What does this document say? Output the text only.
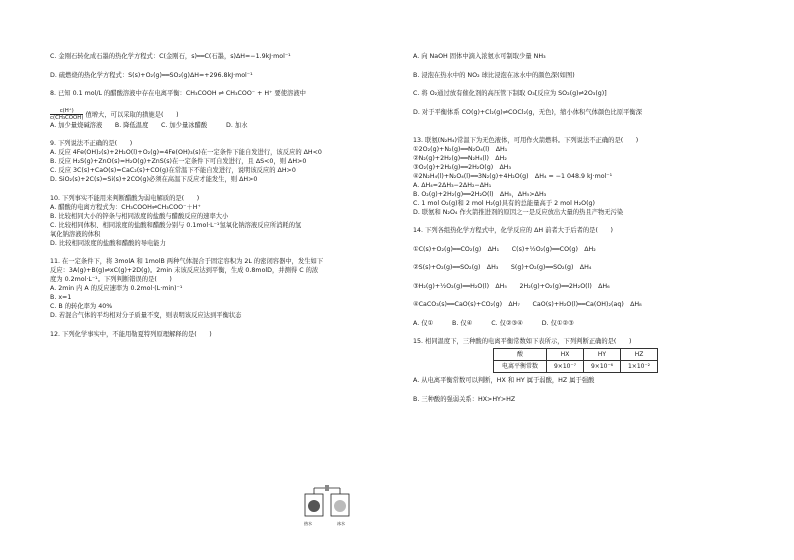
C. 金刚石转化成石墨的热化学方程式：C(金刚石，s)══C(石墨，s)ΔH=−1.9kJ·mol⁻¹
D. 硫燃烧的热化学方程式：S(s)+O₂(g)══SO₂(g)ΔH=+296.8kJ·mol⁻¹
8. 已知 0.1 mol/L 的醋酸溶液中存在电离平衡：CH₃COOH ⇌ CH₃COO⁻ + H⁺ 要使溶液中
$\frac{c(H^+)}{\text{c(CH₃COOH)}}$ 值增大，可以采取的措施是(　　)
A. 加少量烧碱溶液　　B. 降低温度　　C. 加少量冰醋酸　　　D. 加水
9. 下列说法不正确的是(　　)
A. 反应 4Fe(OH)₂(s)+2H₂O(l)+O₂(g)=4Fe(OH)₃(s)在一定条件下能自发进行，该反应的 ΔH<0
B. 反应 H₂S(g)+ZnO(s)=H₂O(g)+ZnS(s)在一定条件下可自发进行，且 ΔS<0，则 ΔH>0
C. 反应 3C(s)+CaO(s)=CaC₂(s)+CO(g)在常温下不能自发进行，说明该反应的 ΔH>0
D. SiO₂(s)+2C(s)=Si(s)+2CO(g)必须在高温下反应才能发生，则 ΔH>0
10. 下列事实不能用来判断醋酸为弱电解质的是(　　)
A. 醋酸的电离方程式为：CH₃COOH⇌CH₃COO⁻＋H⁺
B. 比较相同大小的锌条与相同浓度的盐酸与醋酸反应的速率大小
C. 比较相同体积、相同浓度的盐酸和醋酸分别与 0.1mol·L⁻¹氢氧化钠溶液反应所消耗的氢
氧化钠溶液的体积
D. 比较相同浓度的盐酸和醋酸的导电能力
11. 在一定条件下，将 3molA 和 1molB 两种气体混合于固定容积为 2L 的密闭容器中，发生如下
反应：3A(g)+B(g)⇌xC(g)+2D(g)。2min 末该反应达到平衡，生成 0.8molD，并测得 C 的浓
度为 0.2mol·L⁻¹。下列判断错误的是(　　)
A. 2min 内 A 的反应速率为 0.2mol·(L·min)⁻¹
B. x=1
C. B 的转化率为 40%
D. 若混合气体的平均相对分子质量不变，则表明该反应达到平衡状态
12. 下列化学事实中，不能用勒夏特列原理解释的是(　　)
A. 向 NaOH 固体中滴入浓氨水可制取少量 NH₃
B. 浸泡在热水中的 NO₂ 球比浸泡在冰水中的颜色深(如图)
C. 将 O₂通过放有催化剂的高压管下制取 O₃[反应为 SO₂(g)⇌2O₃(g)]
D. 对于平衡体系 CO(g)+Cl₂(g)⇌COCl₂(g，无色)，缩小体积气体颜色比原平衡深
13. 联氨(N₂H₄)常温下为无色液体，可用作火箭燃料。下列说法不正确的是(　　)
①2O₂(g)+N₂(g)══N₂O₄(l)　ΔH₁
②N₂(g)+2H₂(g)══N₂H₄(l)　ΔH₂
③O₂(g)+2H₂(g)══2H₂O(g)　ΔH₃
④2N₂H₄(l)+N₂O₄(l)══3N₂(g)+4H₂O(g)　ΔH₄ = −1 048.9 kJ·mol⁻¹
A. ΔH₄=2ΔH₃−2ΔH₂−ΔH₁
B. O₂(g)+2H₂(g)══2H₂O(l)　ΔH₅，ΔH₅>ΔH₃
C. 1 mol O₂(g)和 2 mol H₂(g)具有的总能量高于 2 mol H₂O(g)
D. 联氨和 N₂O₄ 作火箭推进剂的原因之一是反应放出大量的热且产物无污染
14. 下列各组热化学方程式中，化学反应的 ΔH 前者大于后者的是(　　)
①C(s)+O₂(g)══CO₂(g)　ΔH₁　　C(s)+½O₂(g)══CO(g)　ΔH₂
②S(s)+O₂(g)══SO₂(g)　ΔH₃　　S(g)+O₂(g)══SO₂(g)　ΔH₄
③H₂(g)+½O₂(g)══H₂O(l)　ΔH₅　　2H₂(g)+O₂(g)══2H₂O(l)　ΔH₆
④CaCO₃(s)══CaO(s)+CO₂(g)　ΔH₇　　CaO(s)+H₂O(l)══Ca(OH)₂(aq)　ΔH₈
A. 仅①　　　B. 仅④　　　C. 仅②③④　　　D. 仅①②③
15. 相同温度下，三种酸的电离平衡常数如下表所示，下列判断正确的是(　　)
酸	HX	HY	HZ
电离平衡常数	9×10⁻⁷	9×10⁻⁶	1×10⁻²
A. 从电离平衡常数可以判断，HX 和 HY 属于弱酸，HZ 属于强酸
B. 三种酸的强弱关系：HX>HY>HZ
热水	冰水
